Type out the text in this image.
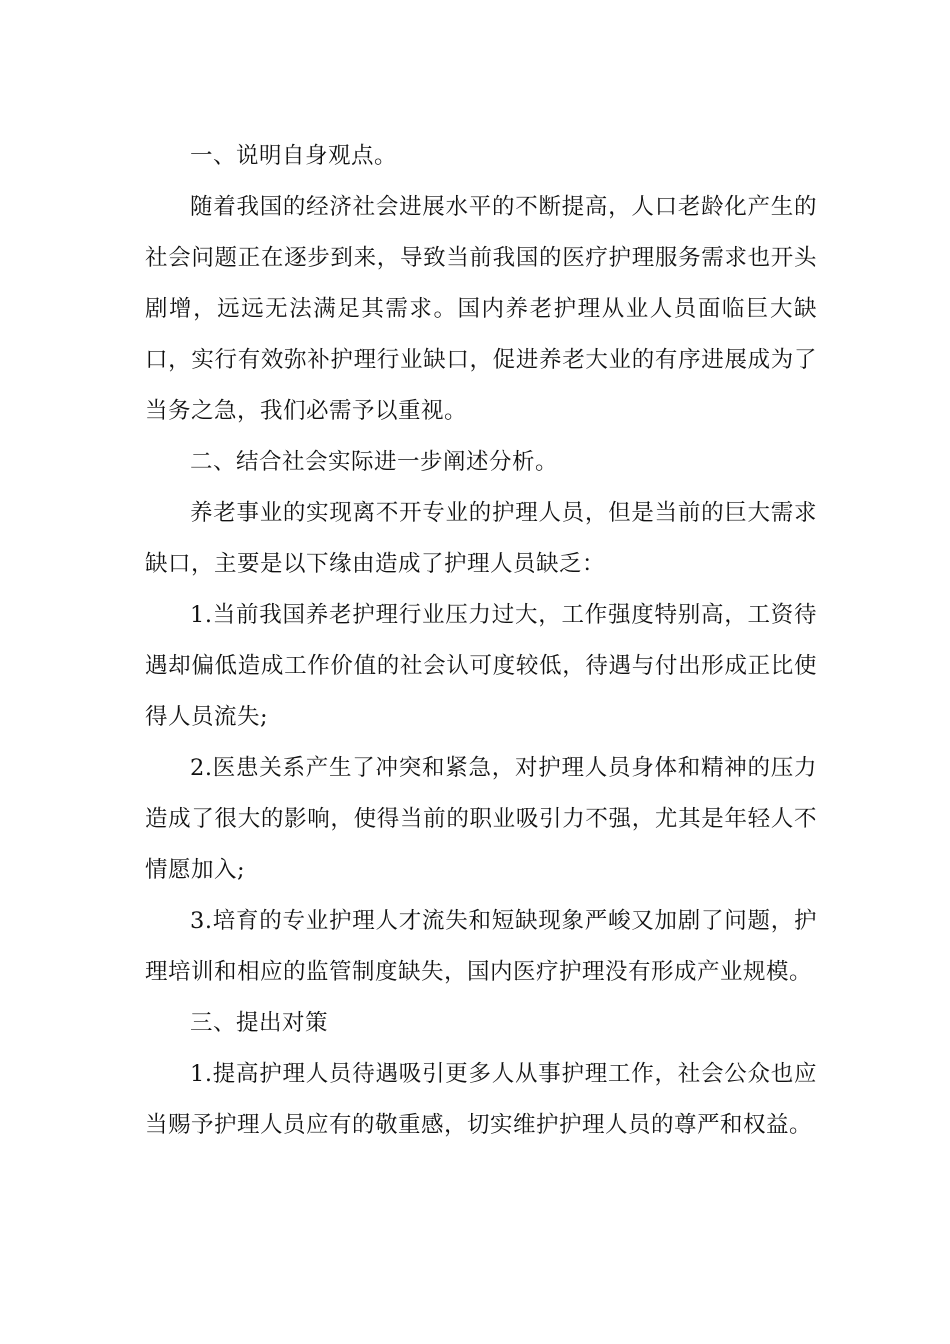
一、说明自身观点。

随着我国的经济社会进展水平的不断提高，人口老龄化产生的社会问题正在逐步到来，导致当前我国的医疗护理服务需求也开头剧增，远远无法满足其需求。国内养老护理从业人员面临巨大缺口，实行有效弥补护理行业缺口，促进养老大业的有序进展成为了当务之急，我们必需予以重视。

二、结合社会实际进一步阐述分析。

养老事业的实现离不开专业的护理人员，但是当前的巨大需求缺口，主要是以下缘由造成了护理人员缺乏：

1.当前我国养老护理行业压力过大，工作强度特别高，工资待遇却偏低造成工作价值的社会认可度较低，待遇与付出形成正比使得人员流失;

2.医患关系产生了冲突和紧急，对护理人员身体和精神的压力造成了很大的影响，使得当前的职业吸引力不强，尤其是年轻人不情愿加入;

3.培育的专业护理人才流失和短缺现象严峻又加剧了问题，护理培训和相应的监管制度缺失，国内医疗护理没有形成产业规模。

三、提出对策

1.提高护理人员待遇吸引更多人从事护理工作，社会公众也应当赐予护理人员应有的敬重感，切实维护护理人员的尊严和权益。
